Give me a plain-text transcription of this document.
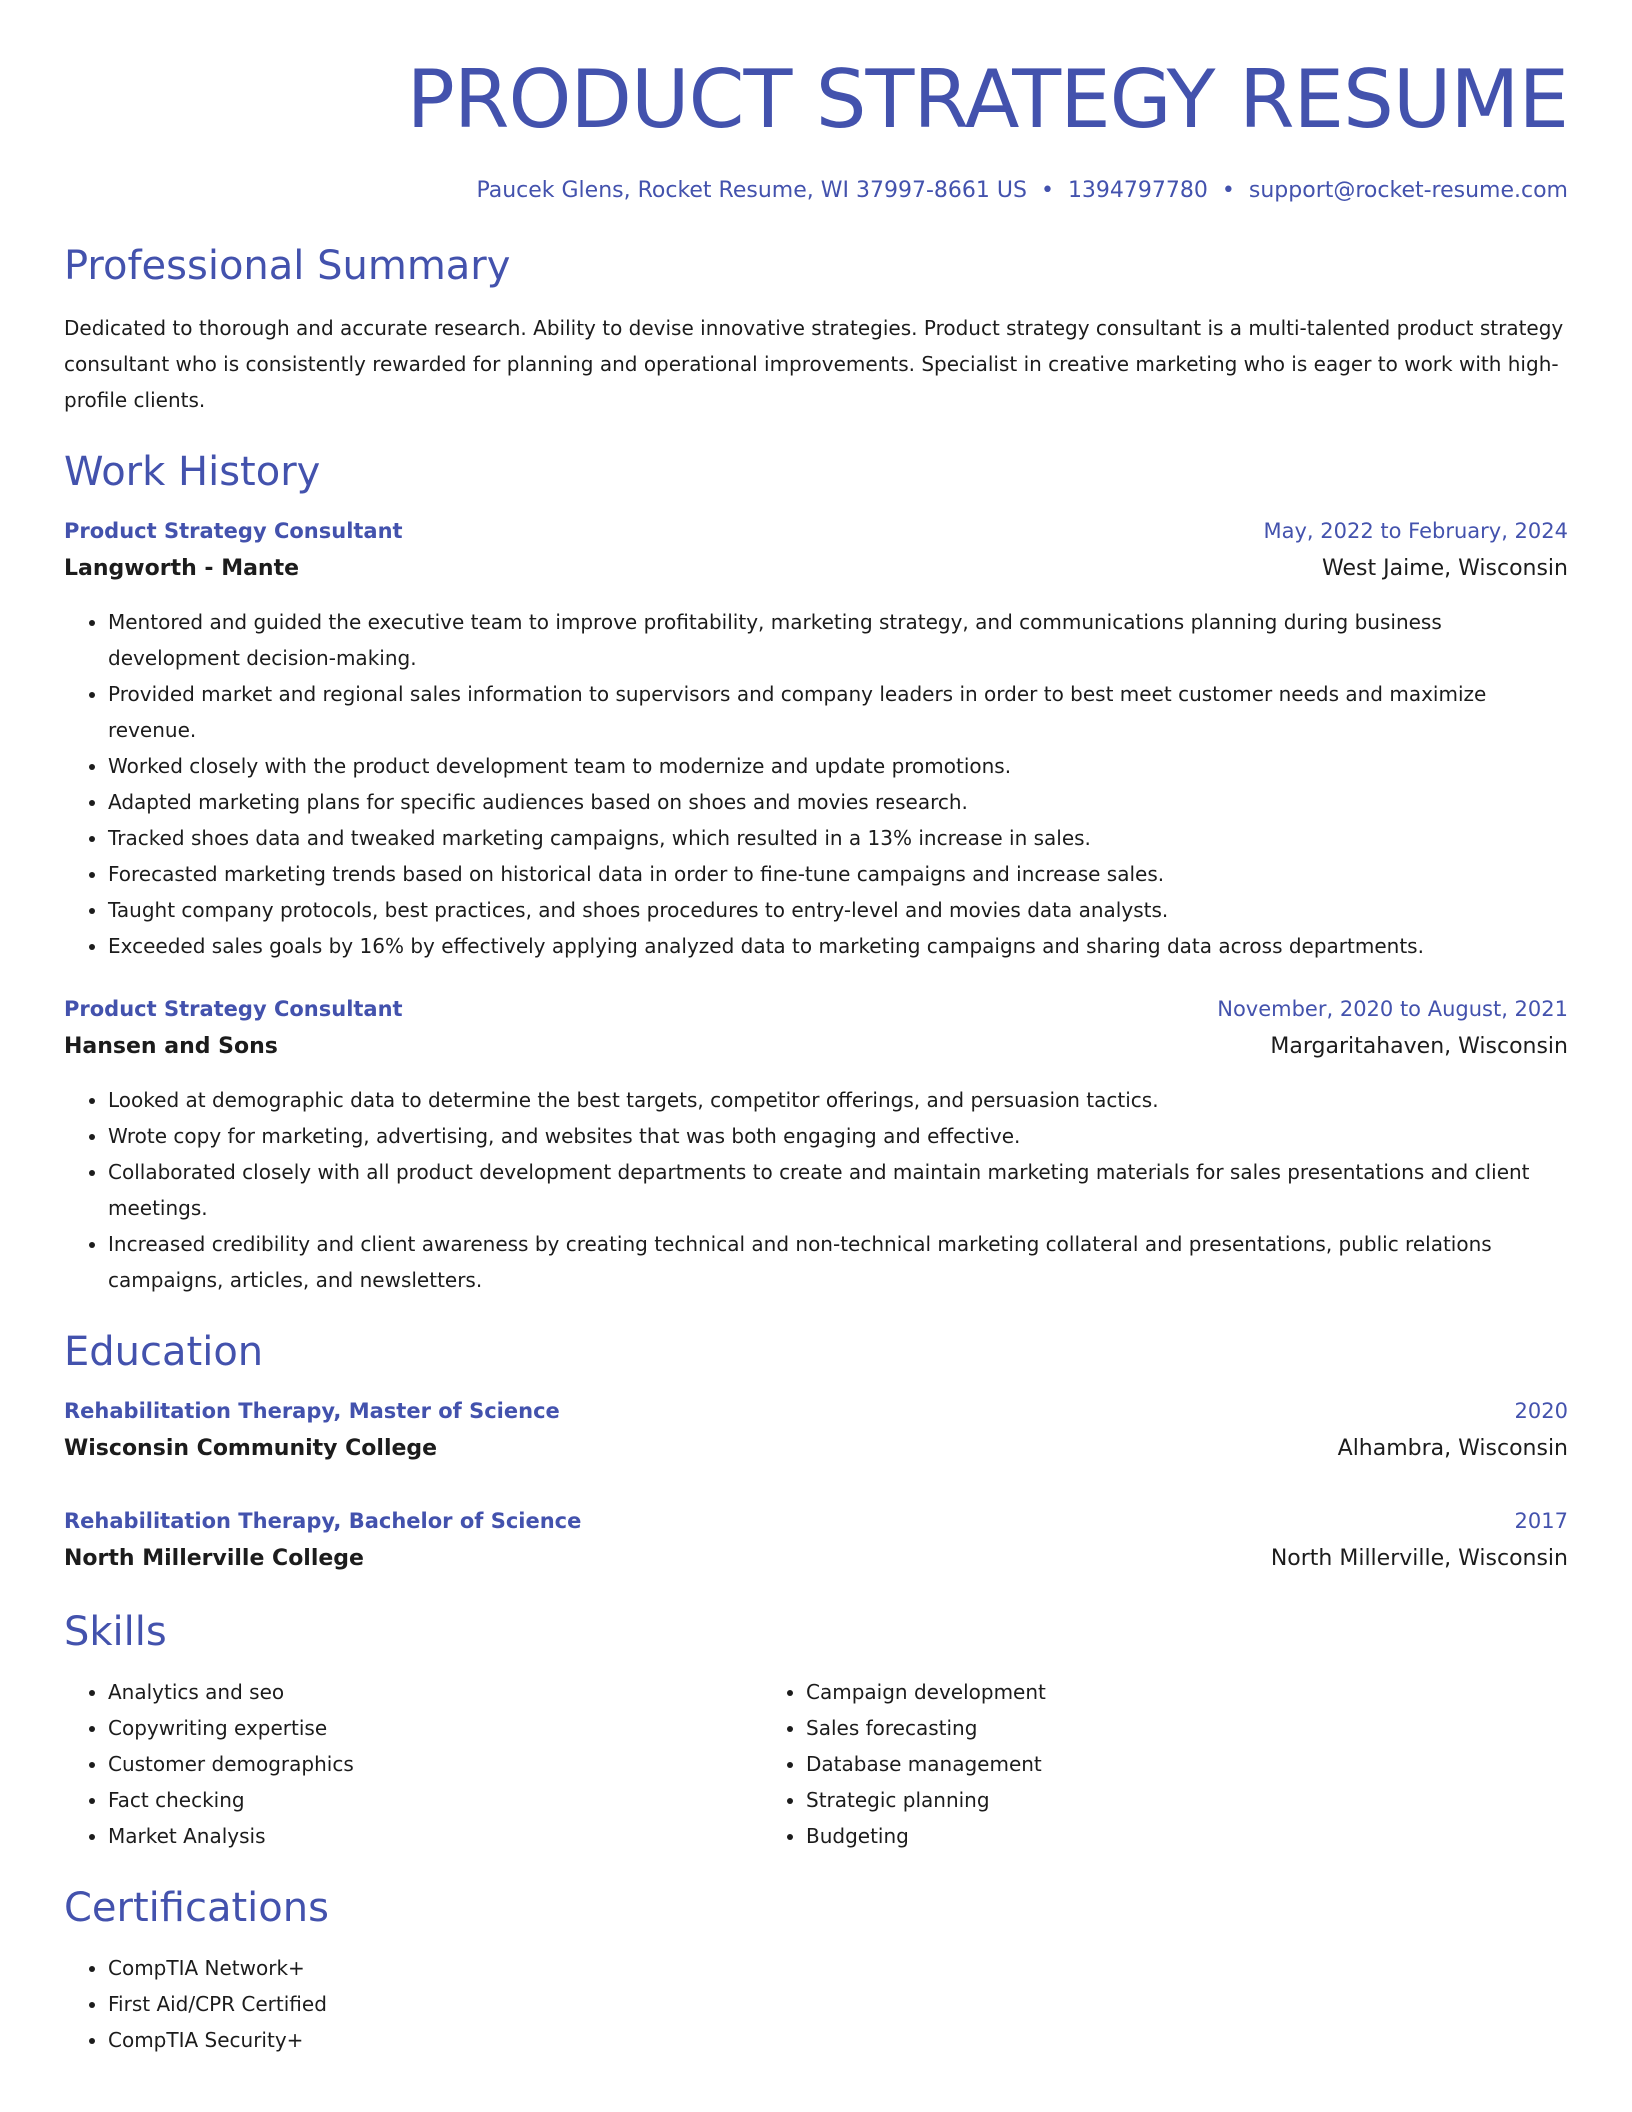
PRODUCT STRATEGY RESUME
Paucek Glens, Rocket Resume, WI 37997-8661 US • 1394797780 • support@rocket-resume.com
Professional Summary

Dedicated to thorough and accurate research. Ability to devise innovative strategies. Product strategy consultant is a multi-talented product strategy consultant who is consistently rewarded for planning and operational improvements. Specialist in creative marketing who is eager to work with high-profile clients.

Work History
Product Strategy Consultant	May, 2022 to February, 2024
Langworth - Mante	West Jaime, Wisconsin
• Mentored and guided the executive team to improve profitability, marketing strategy, and communications planning during business development decision-making.
• Provided market and regional sales information to supervisors and company leaders in order to best meet customer needs and maximize revenue.
• Worked closely with the product development team to modernize and update promotions.
• Adapted marketing plans for specific audiences based on shoes and movies research.
• Tracked shoes data and tweaked marketing campaigns, which resulted in a 13% increase in sales.
• Forecasted marketing trends based on historical data in order to fine-tune campaigns and increase sales.
• Taught company protocols, best practices, and shoes procedures to entry-level and movies data analysts.
• Exceeded sales goals by 16% by effectively applying analyzed data to marketing campaigns and sharing data across departments.
Product Strategy Consultant	November, 2020 to August, 2021
Hansen and Sons	Margaritahaven, Wisconsin
• Looked at demographic data to determine the best targets, competitor offerings, and persuasion tactics.
• Wrote copy for marketing, advertising, and websites that was both engaging and effective.
• Collaborated closely with all product development departments to create and maintain marketing materials for sales presentations and client meetings.
• Increased credibility and client awareness by creating technical and non-technical marketing collateral and presentations, public relations campaigns, articles, and newsletters.
Education
Rehabilitation Therapy, Master of Science	2020
Wisconsin Community College	Alhambra, Wisconsin
Rehabilitation Therapy, Bachelor of Science	2017
North Millerville College	North Millerville, Wisconsin
Skills
• Analytics and seo
• Copywriting expertise
• Customer demographics
• Fact checking
• Market Analysis
• Campaign development
• Sales forecasting
• Database management
• Strategic planning
• Budgeting
Certifications
• CompTIA Network+
• First Aid/CPR Certified
• CompTIA Security+
